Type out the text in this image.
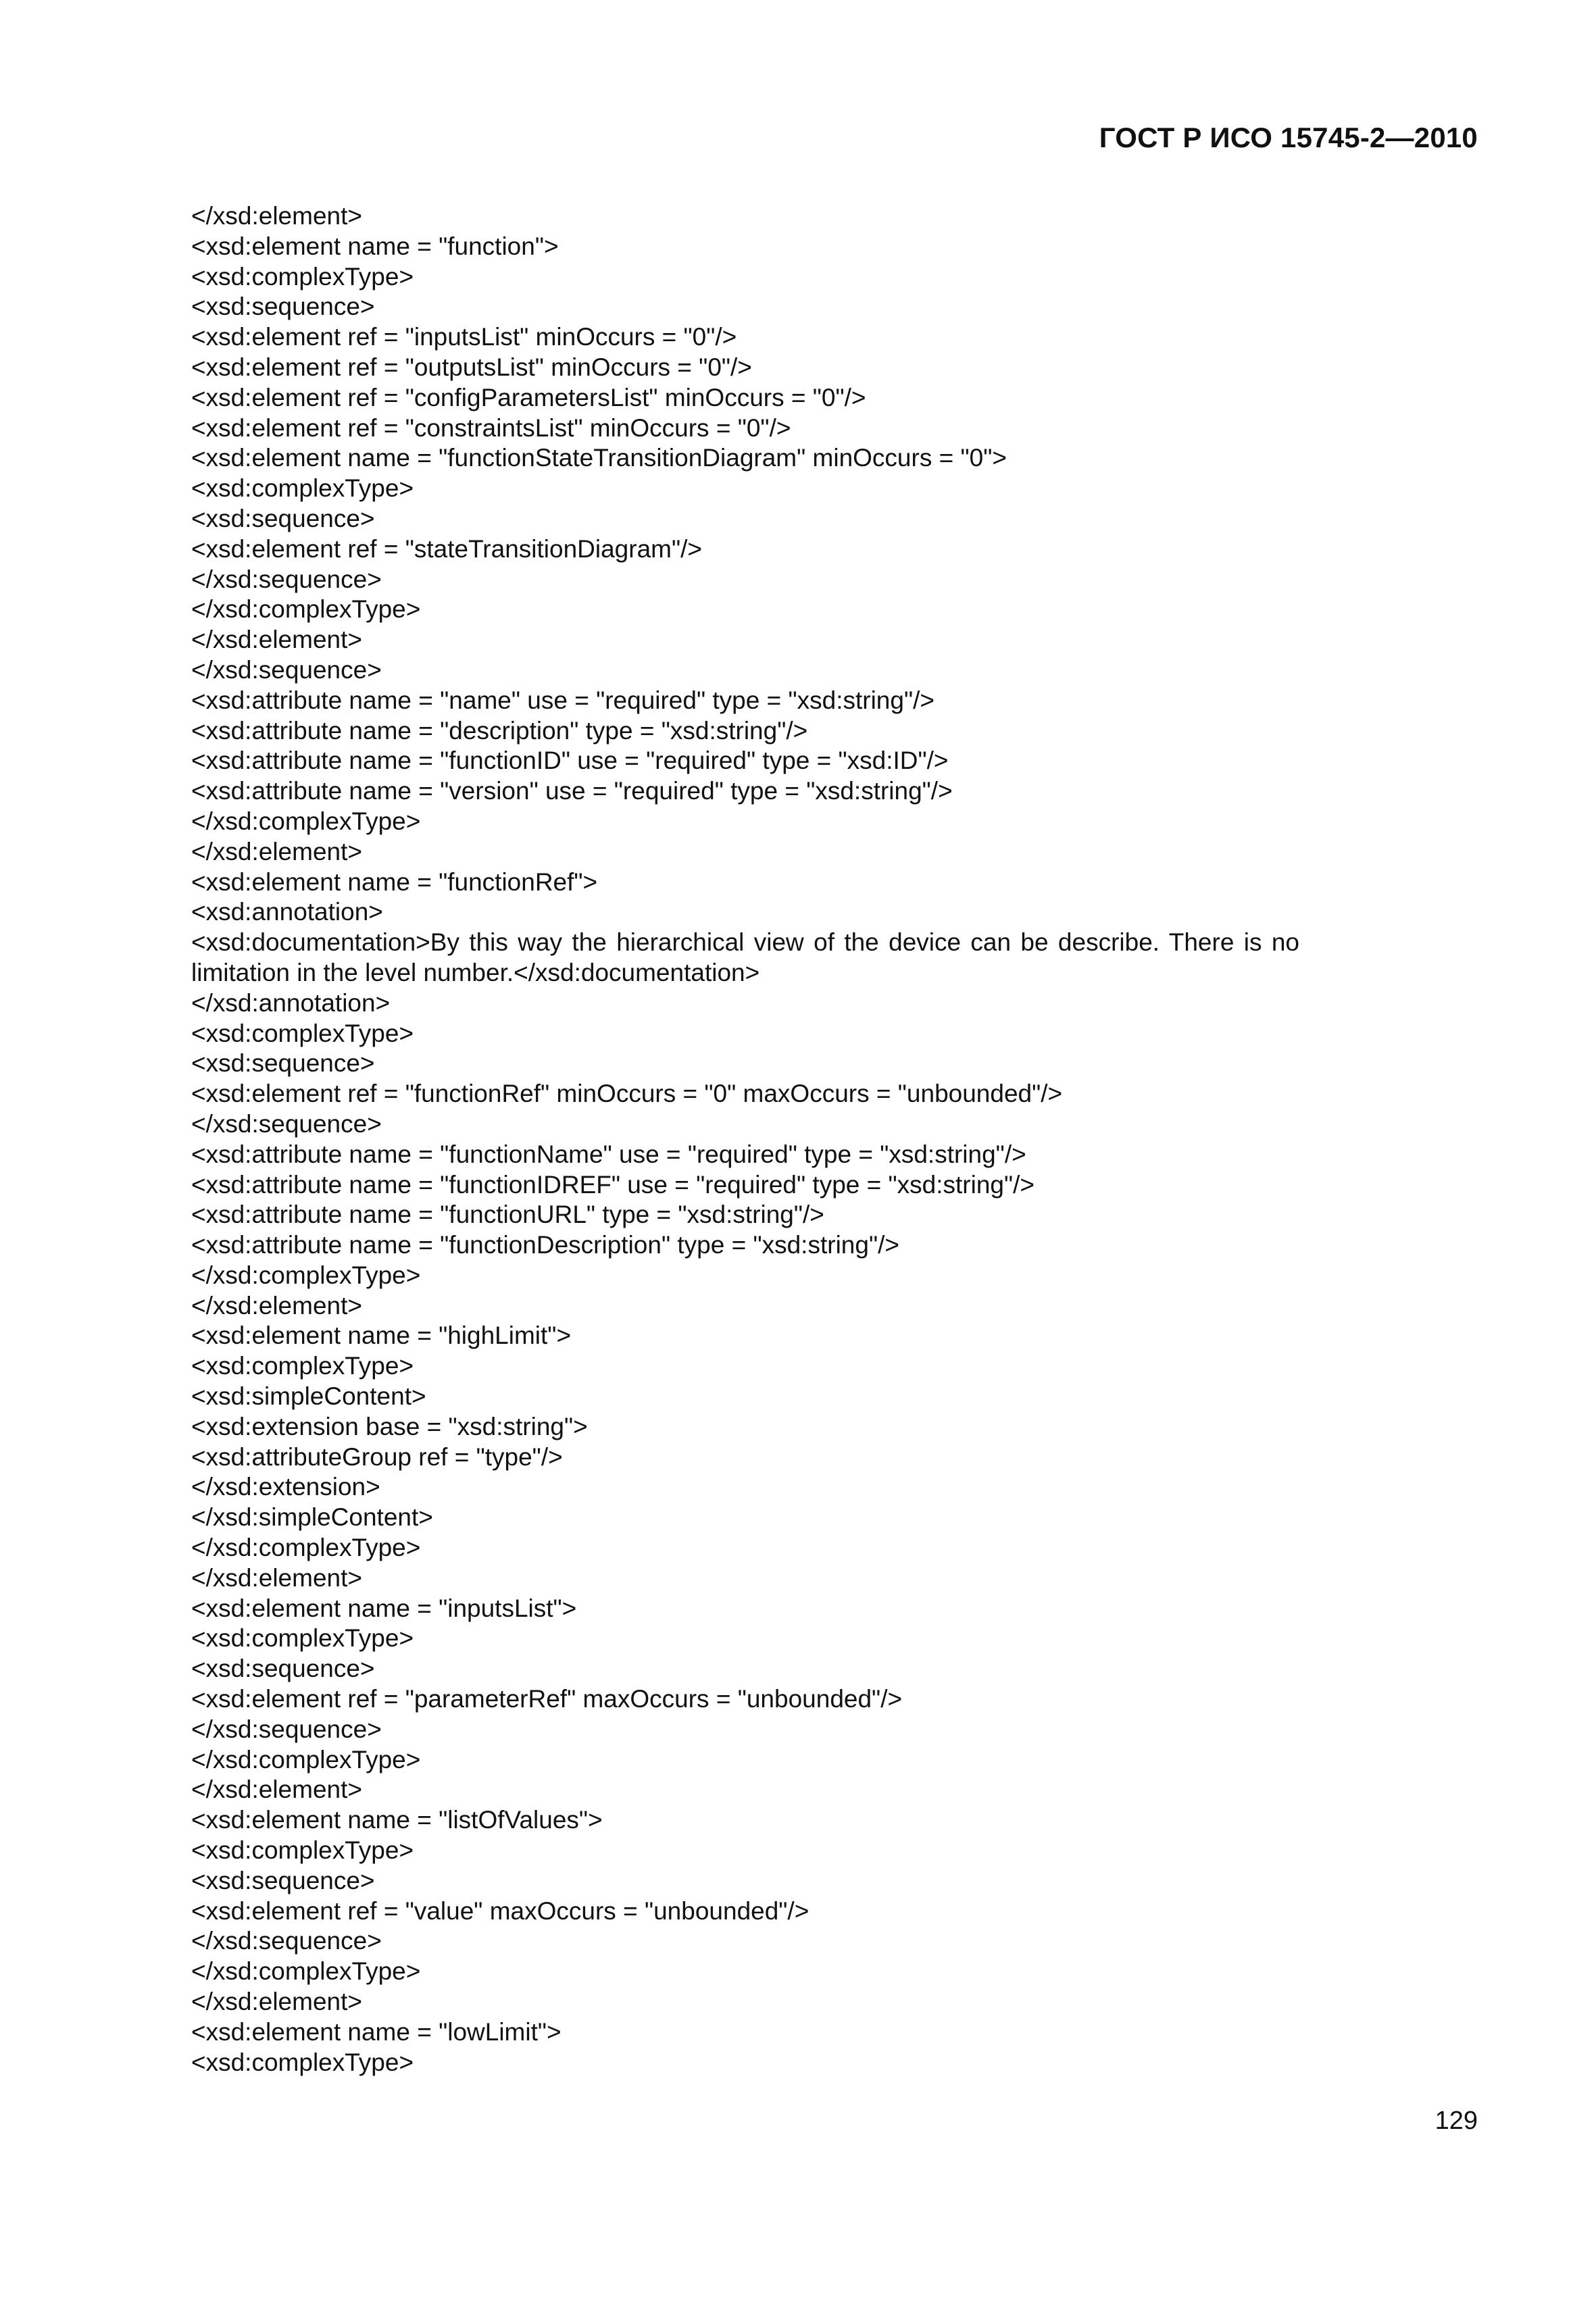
ГОСТ Р ИСО 15745-2—2010
</xsd:element>
<xsd:element name = "function">
<xsd:complexType>
<xsd:sequence>
<xsd:element ref = "inputsList" minOccurs = "0"/>
<xsd:element ref = "outputsList" minOccurs = "0"/>
<xsd:element ref = "configParametersList" minOccurs = "0"/>
<xsd:element ref = "constraintsList" minOccurs = "0"/>
<xsd:element name = "functionStateTransitionDiagram" minOccurs = "0">
<xsd:complexType>
<xsd:sequence>
<xsd:element ref = "stateTransitionDiagram"/>
</xsd:sequence>
</xsd:complexType>
</xsd:element>
</xsd:sequence>
<xsd:attribute name = "name" use = "required" type = "xsd:string"/>
<xsd:attribute name = "description" type = "xsd:string"/>
<xsd:attribute name = "functionID" use = "required" type = "xsd:ID"/>
<xsd:attribute name = "version" use = "required" type = "xsd:string"/>
</xsd:complexType>
</xsd:element>
<xsd:element name = "functionRef">
<xsd:annotation>
<xsd:documentation>By this way the hierarchical view of the device can be describe. There is no limitation in the level number.</xsd:documentation>
</xsd:annotation>
<xsd:complexType>
<xsd:sequence>
<xsd:element ref = "functionRef" minOccurs = "0" maxOccurs = "unbounded"/>
</xsd:sequence>
<xsd:attribute name = "functionName" use = "required" type = "xsd:string"/>
<xsd:attribute name = "functionIDREF" use = "required" type = "xsd:string"/>
<xsd:attribute name = "functionURL" type = "xsd:string"/>
<xsd:attribute name = "functionDescription" type = "xsd:string"/>
</xsd:complexType>
</xsd:element>
<xsd:element name = "highLimit">
<xsd:complexType>
<xsd:simpleContent>
<xsd:extension base = "xsd:string">
<xsd:attributeGroup ref = "type"/>
</xsd:extension>
</xsd:simpleContent>
</xsd:complexType>
</xsd:element>
<xsd:element name = "inputsList">
<xsd:complexType>
<xsd:sequence>
<xsd:element ref = "parameterRef" maxOccurs = "unbounded"/>
</xsd:sequence>
</xsd:complexType>
</xsd:element>
<xsd:element name = "listOfValues">
<xsd:complexType>
<xsd:sequence>
<xsd:element ref = "value" maxOccurs = "unbounded"/>
</xsd:sequence>
</xsd:complexType>
</xsd:element>
<xsd:element name = "lowLimit">
<xsd:complexType>
129
